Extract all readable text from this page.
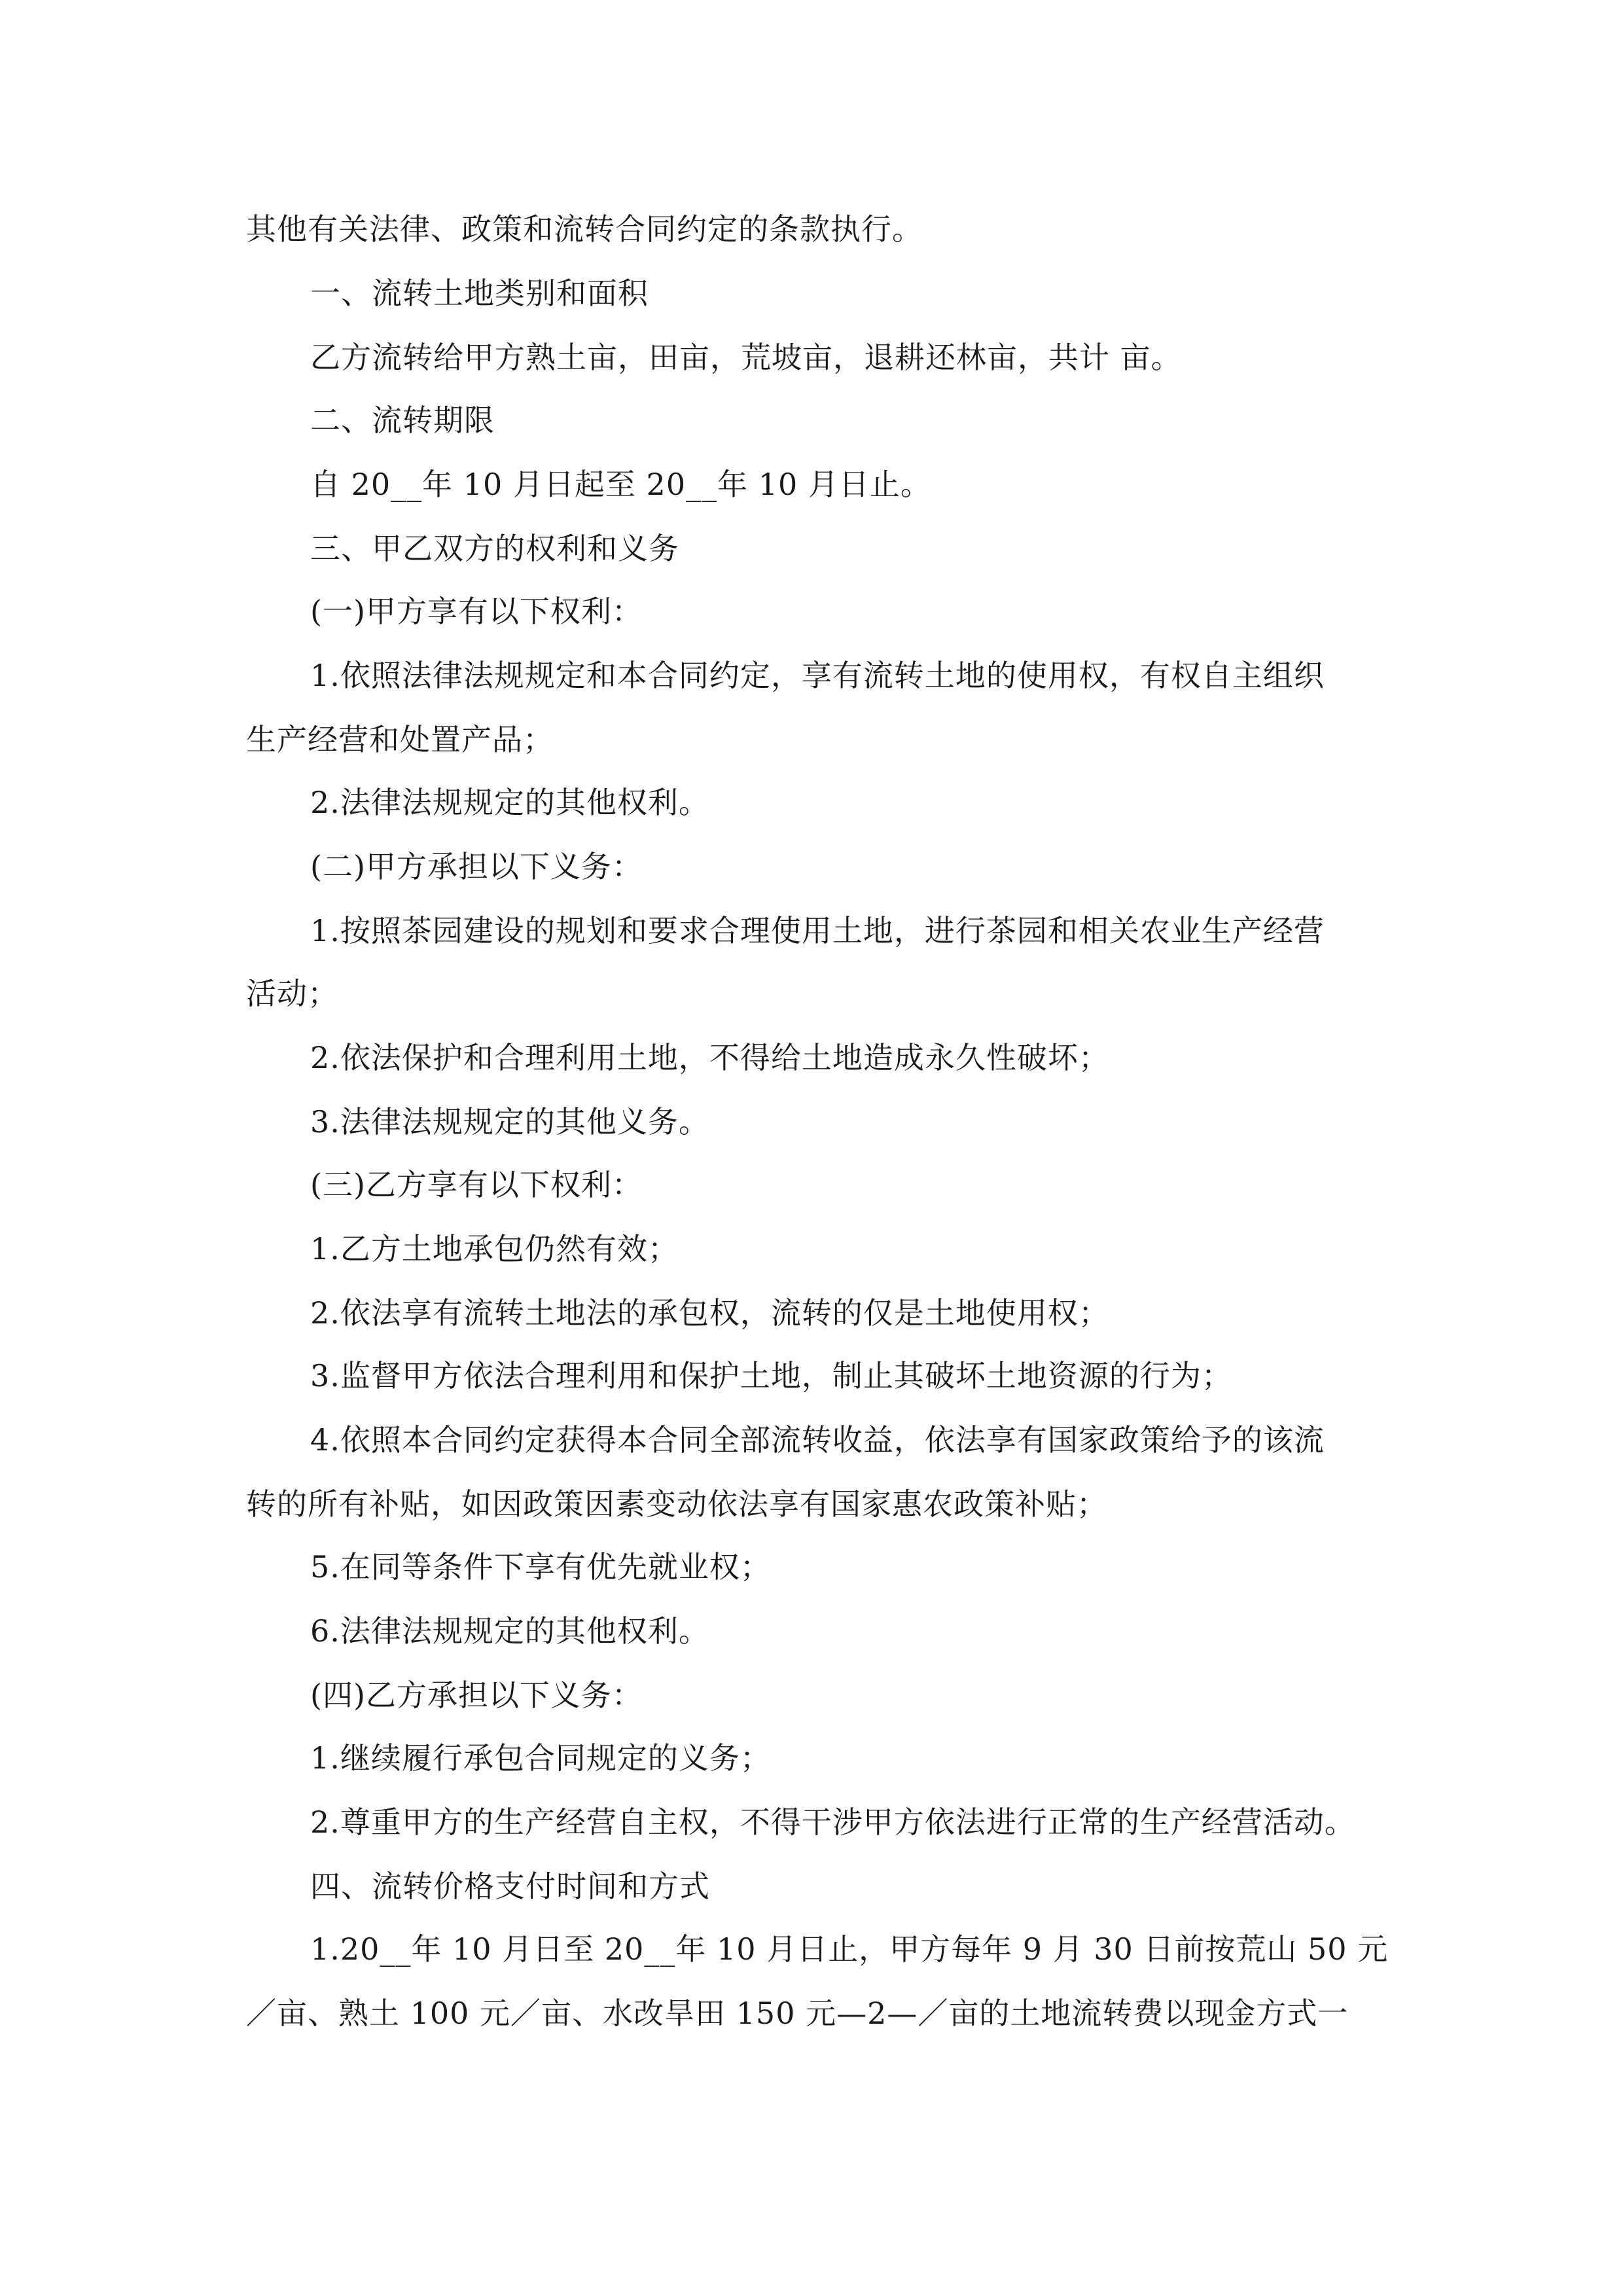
其他有关法律、政策和流转合同约定的条款执行。
一、流转土地类别和面积
乙方流转给甲方熟土亩，田亩，荒坡亩，退耕还林亩，共计 亩。
二、流转期限
自 20__年 10 月日起至 20__年 10 月日止。
三、甲乙双方的权利和义务
(一)甲方享有以下权利：
1.依照法律法规规定和本合同约定，享有流转土地的使用权，有权自主组织
生产经营和处置产品；
2.法律法规规定的其他权利。
(二)甲方承担以下义务：
1.按照茶园建设的规划和要求合理使用土地，进行茶园和相关农业生产经营
活动；
2.依法保护和合理利用土地，不得给土地造成永久性破坏；
3.法律法规规定的其他义务。
(三)乙方享有以下权利：
1.乙方土地承包仍然有效；
2.依法享有流转土地法的承包权，流转的仅是土地使用权；
3.监督甲方依法合理利用和保护土地，制止其破坏土地资源的行为；
4.依照本合同约定获得本合同全部流转收益，依法享有国家政策给予的该流
转的所有补贴，如因政策因素变动依法享有国家惠农政策补贴；
5.在同等条件下享有优先就业权；
6.法律法规规定的其他权利。
(四)乙方承担以下义务：
1.继续履行承包合同规定的义务；
2.尊重甲方的生产经营自主权，不得干涉甲方依法进行正常的生产经营活动。
四、流转价格支付时间和方式
1.20__年 10 月日至 20__年 10 月日止，甲方每年 9 月 30 日前按荒山 50 元
／亩、熟土 100 元／亩、水改旱田 150 元—2—／亩的土地流转费以现金方式一
